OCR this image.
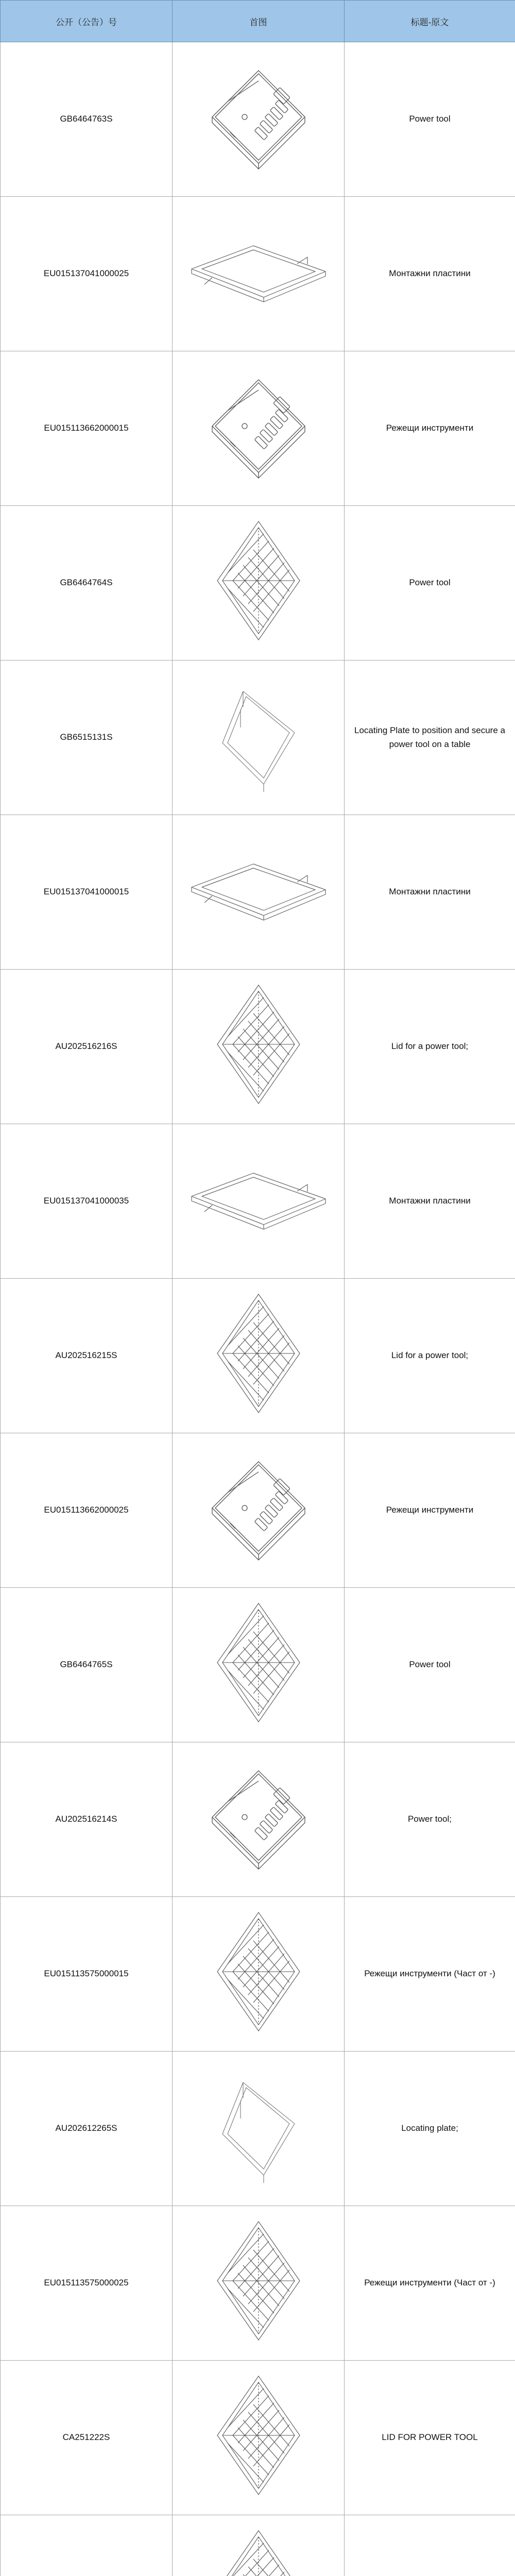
公开（公告）号	首图	标题-原文
GB6464763S		Power tool
EU015137041000025		Монтажни пластини
EU015113662000015		Режещи инструменти
GB6464764S		Power tool
GB6515131S		Locating Plate to position and secure a power tool on a table
EU015137041000015		Монтажни пластини
AU202516216S		Lid for a power tool;
EU015137041000035		Монтажни пластини
AU202516215S		Lid for a power tool;
EU015113662000025		Режещи инструменти
GB6464765S		Power tool
AU202516214S		Power tool;
EU015113575000015		Режещи инструменти (Част от -)
AU202612265S		Locating plate;
EU015113575000025		Режещи инструменти (Част от -)
CA251222S		LID FOR POWER TOOL
